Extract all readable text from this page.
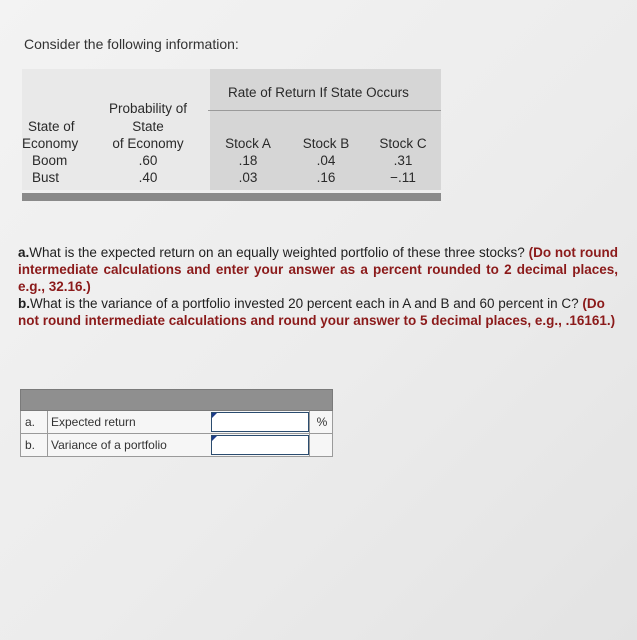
Consider the following information:
Rate of Return If State Occurs
State of
Economy
Probability of
State
of Economy	Stock A	Stock B	Stock C
Boom	.60	.18	.04	.31
Bust	.40	.03	.16	−.11
a.What is the expected return on an equally weighted portfolio of these three stocks? (Do not round intermediate calculations and enter your answer as a percent rounded to 2 decimal places, e.g., 32.16.)
b.What is the variance of a portfolio invested 20 percent each in A and B and 60 percent in C? (Do not round intermediate calculations and round your answer to 5 decimal places, e.g., .16161.)
a.	Expected return	%
b.	Variance of a portfolio
